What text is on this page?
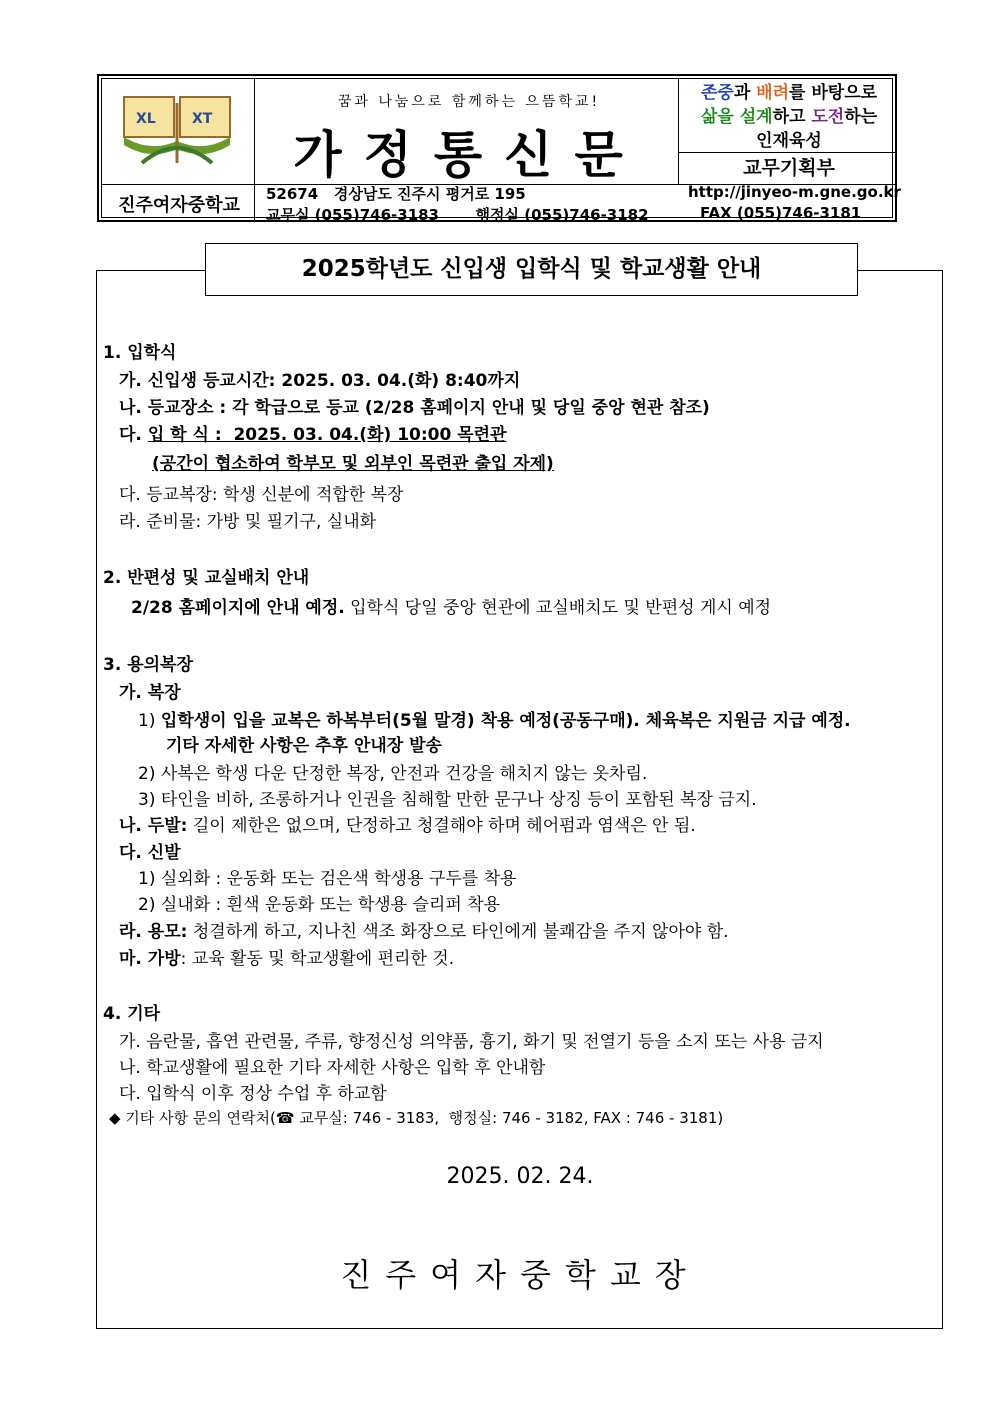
XL	XT
꿈과 나눔으로 함께하는 으뜸학교!
가정통신문
존중과 배려를 바탕으로
삶을 설계하고 도전하는
인재육성
교무기획부
진주여자중학교
52674   경상남도 진주시 평거로 195
교무실 (055)746-3183       행정실 (055)746-3182
http://jinyeo-m.gne.go.kr
FAX (055)746-3181
2025학년도 신입생 입학식 및 학교생활 안내
1. 입학식
가. 신입생 등교시간: 2025. 03. 04.(화) 8:40까지
나. 등교장소 : 각 학급으로 등교 (2/28 홈페이지 안내 및 당일 중앙 현관 참조)
다. 입 학 식 :  2025. 03. 04.(화) 10:00 목련관
(공간이 협소하여 학부모 및 외부인 목련관 출입 자제)
다. 등교복장: 학생 신분에 적합한 복장
라. 준비물: 가방 및 필기구, 실내화
2. 반편성 및 교실배치 안내
2/28 홈페이지에 안내 예정. 입학식 당일 중앙 현관에 교실배치도 및 반편성 게시 예정
3. 용의복장
가. 복장
1) 입학생이 입을 교복은 하복부터(5월 말경) 착용 예정(공동구매). 체육복은 지원금 지급 예정.
기타 자세한 사항은 추후 안내장 발송
2) 사복은 학생 다운 단정한 복장, 안전과 건강을 해치지 않는 옷차림.
3) 타인을 비하, 조롱하거나 인권을 침해할 만한 문구나 상징 등이 포함된 복장 금지.
나. 두발: 길이 제한은 없으며, 단정하고 청결해야 하며 헤어펌과 염색은 안 됨.
다. 신발
1) 실외화 : 운동화 또는 검은색 학생용 구두를 착용
2) 실내화 : 흰색 운동화 또는 학생용 슬리퍼 착용
라. 용모: 청결하게 하고, 지나친 색조 화장으로 타인에게 불쾌감을 주지 않아야 함.
마. 가방: 교육 활동 및 학교생활에 편리한 것.
4. 기타
가. 음란물, 흡연 관련물, 주류, 향정신성 의약품, 흉기, 화기 및 전열기 등을 소지 또는 사용 금지
나. 학교생활에 필요한 기타 자세한 사항은 입학 후 안내함
다. 입학식 이후 정상 수업 후 하교함
◆ 기타 사항 문의 연락처(☎ 교무실: 746 - 3183,  행정실: 746 - 3182, FAX : 746 - 3181)
2025. 02. 24.
진주여자중학교장
